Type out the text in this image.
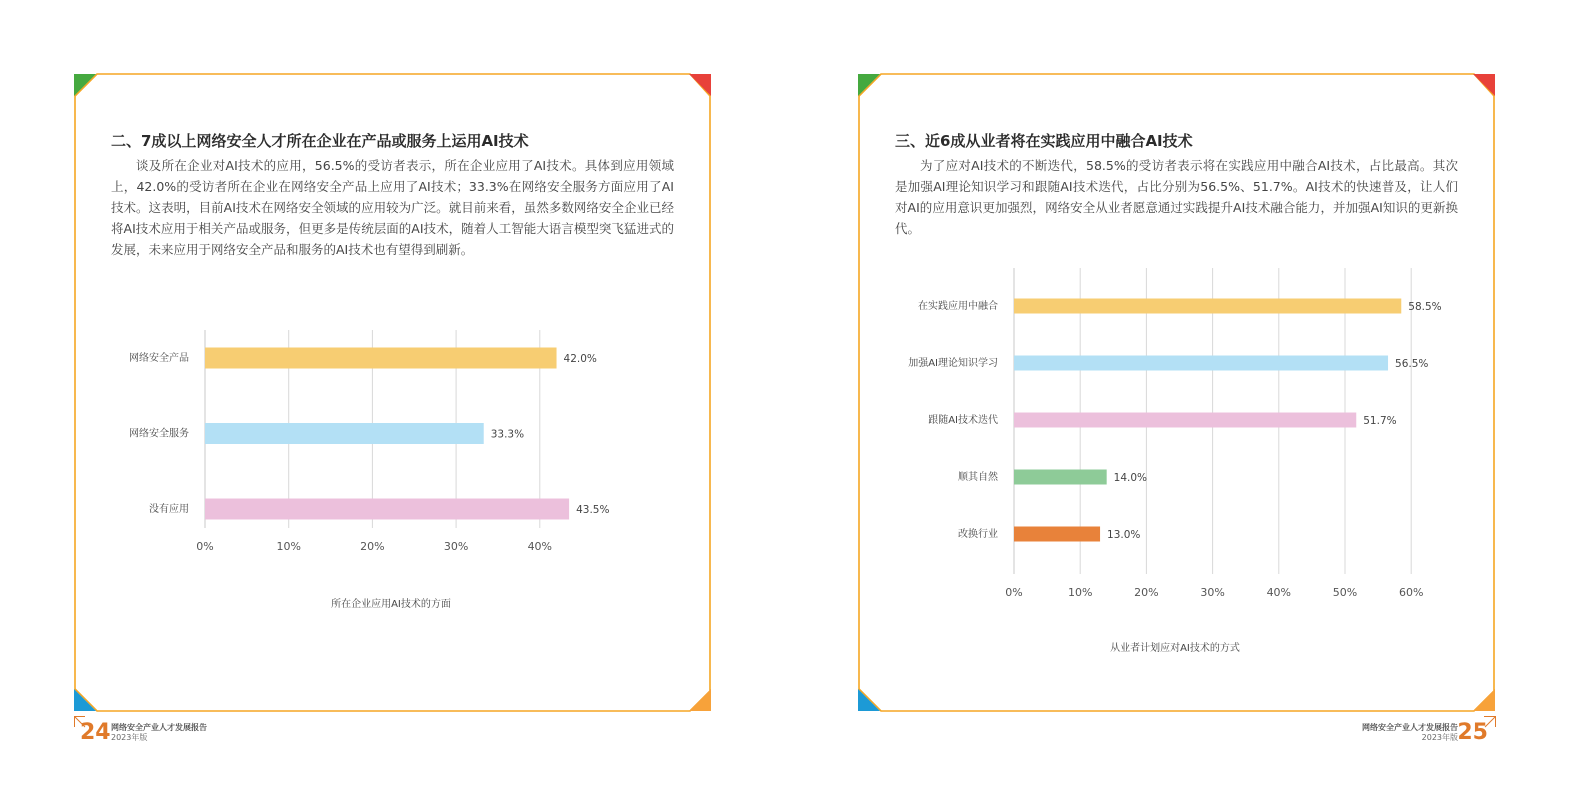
二、7成以上网络安全人才所在企业在产品或服务上运用AI技术
谈及所在企业对AI技术的应用，56.5%的受访者表示，所在企业应用了AI技术。具体到应用领域上，42.0%的受访者所在企业在网络安全产品上应用了AI技术；33.3%在网络安全服务方面应用了AI技术。这表明，目前AI技术在网络安全领域的应用较为广泛。就目前来看，虽然多数网络安全企业已经将AI技术应用于相关产品或服务，但更多是传统层面的AI技术，随着人工智能大语言模型突飞猛进式的发展，未来应用于网络安全产品和服务的AI技术也有望得到刷新。
0%	10%	20%	30%	40%
网络安全产品	42.0%
网络安全服务	33.3%
没有应用	43.5%
所在企业应用AI技术的方面
24 网络安全产业人才发展报告
2023年版
三、近6成从业者将在实践应用中融合AI技术
为了应对AI技术的不断迭代，58.5%的受访者表示将在实践应用中融合AI技术，占比最高。其次是加强AI理论知识学习和跟随AI技术迭代，占比分别为56.5%、51.7%。AI技术的快速普及，让人们对AI的应用意识更加强烈，网络安全从业者愿意通过实践提升AI技术融合能力，并加强AI知识的更新换代。
0%	10%	20%	30%	40%	50%	60%
在实践应用中融合	58.5%
加强AI理论知识学习	56.5%
跟随AI技术迭代	51.7%
顺其自然	14.0%
改换行业	13.0%
从业者计划应对AI技术的方式
网络安全产业人才发展报告
2023年版 25
